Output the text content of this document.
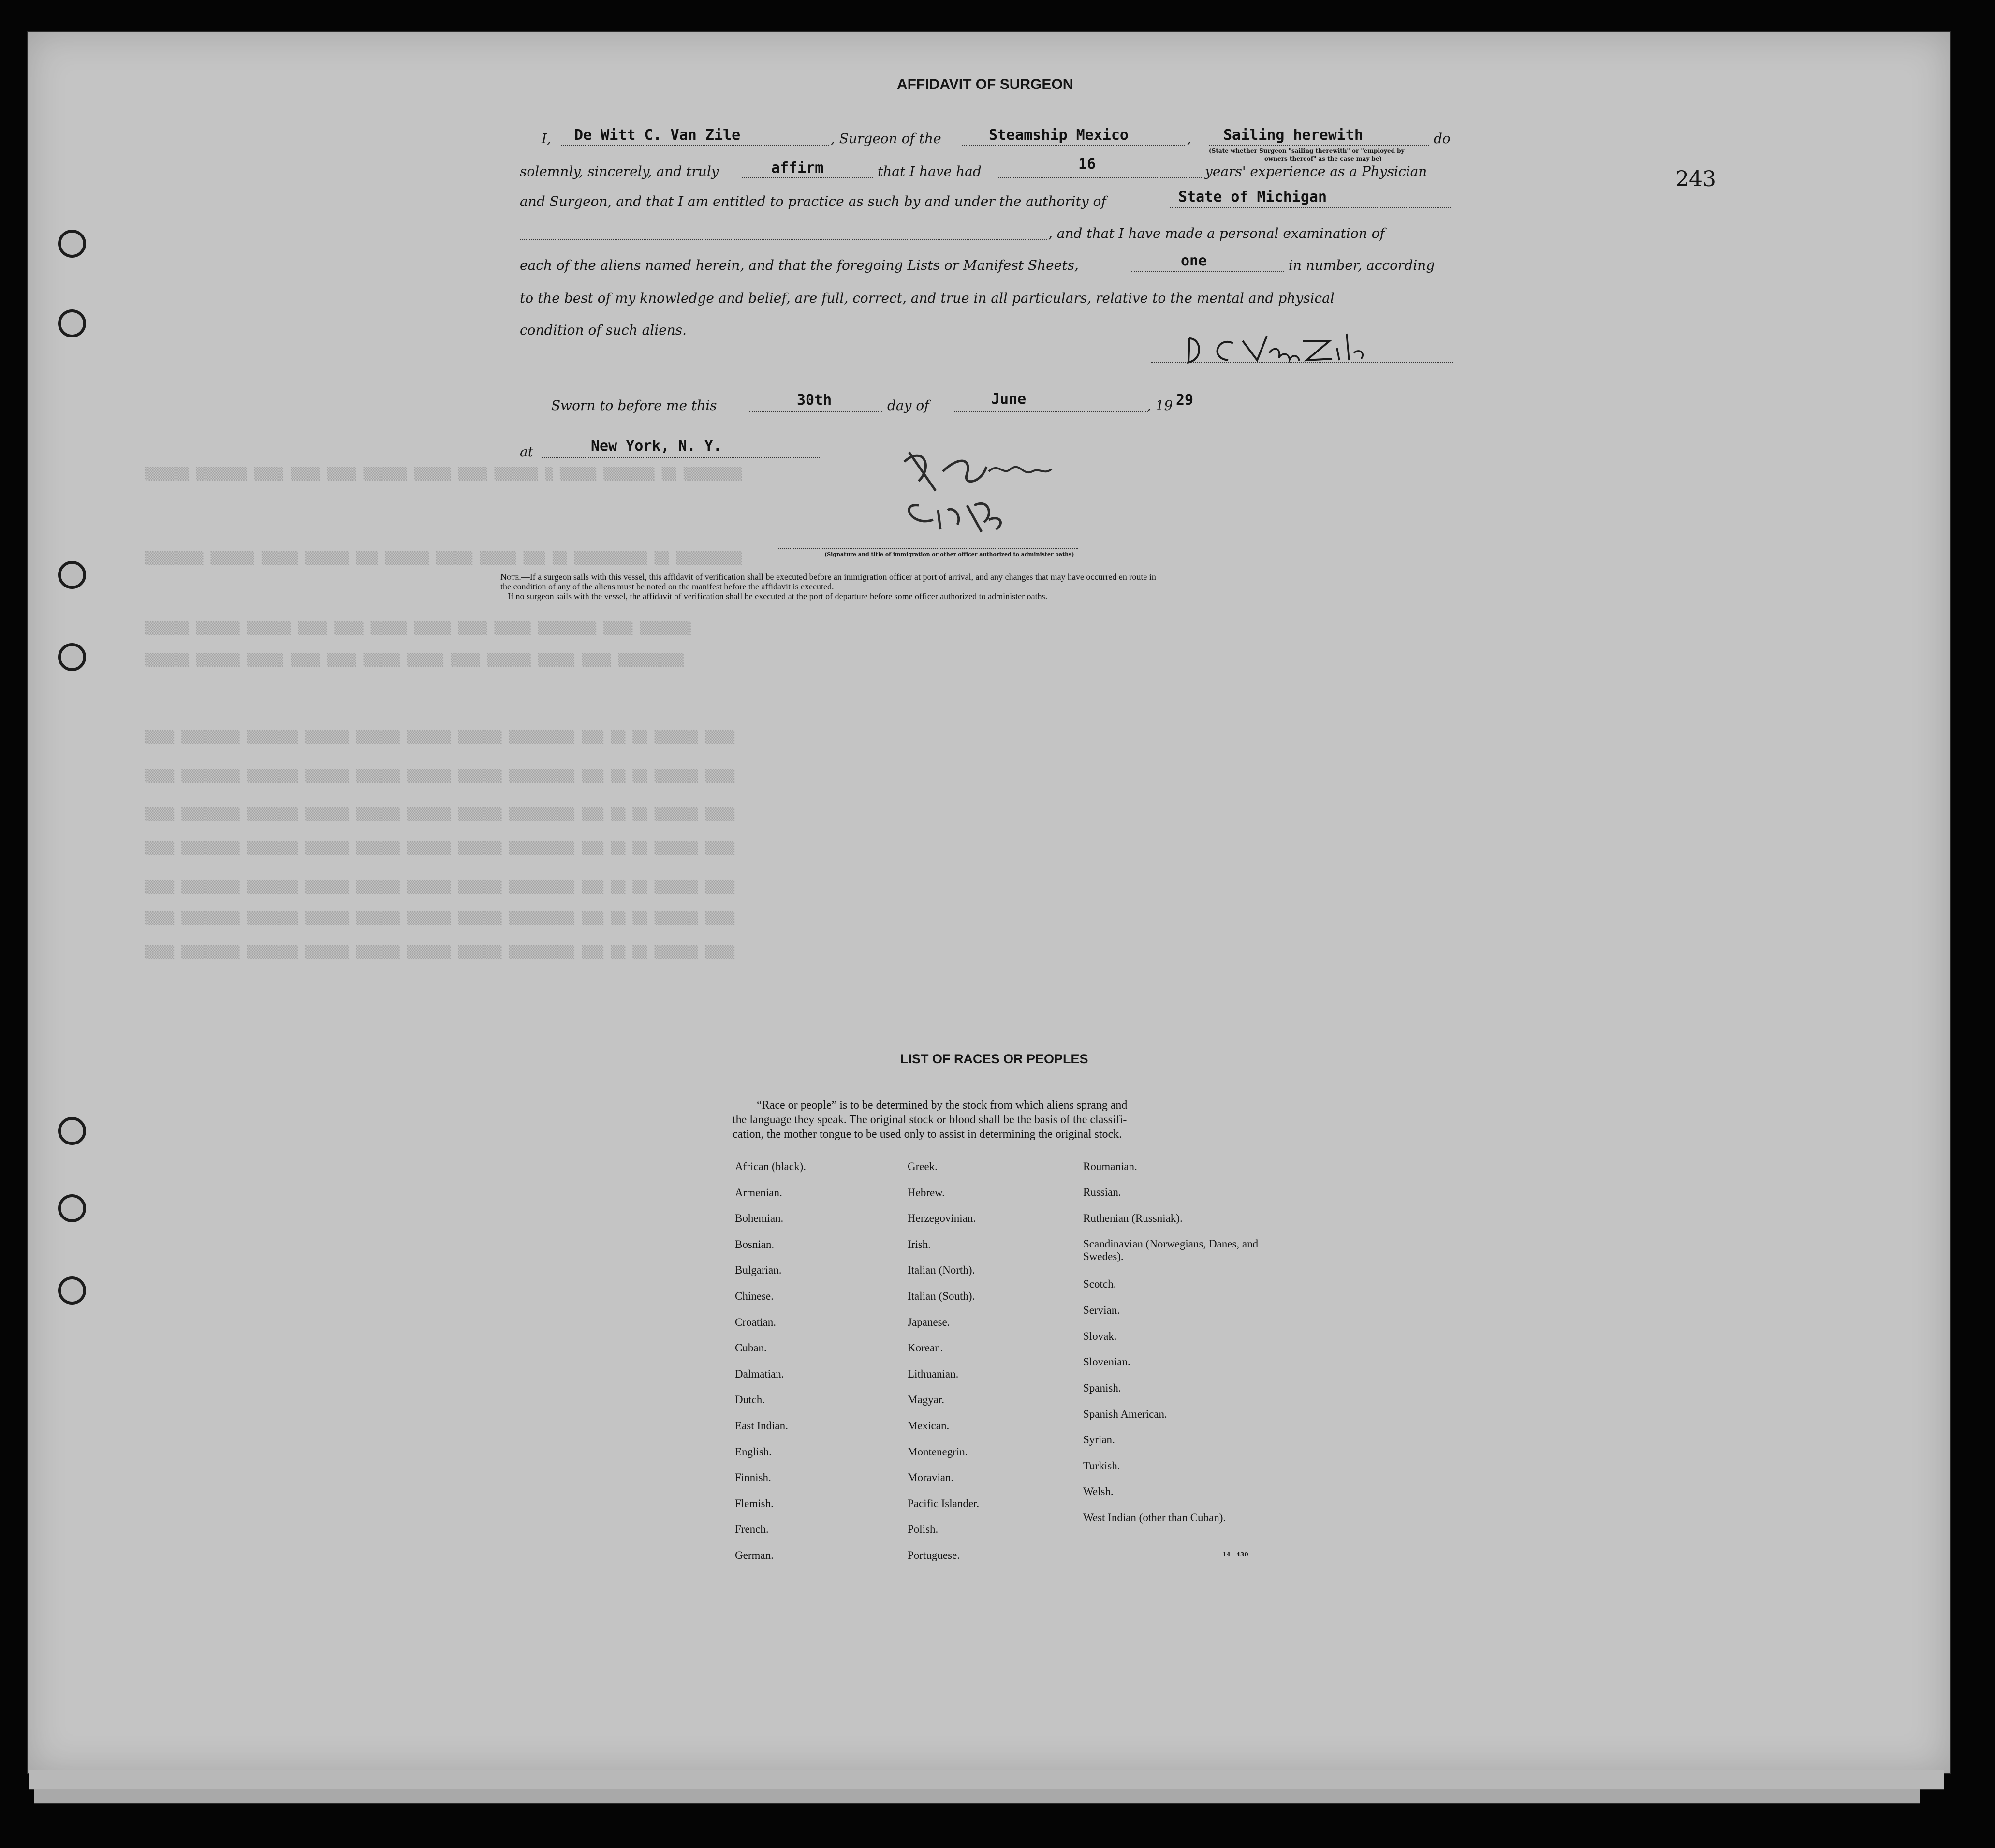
▒▒▒▒▒▒ ▒▒▒▒▒▒▒ ▒▒▒▒ ▒▒▒▒ ▒▒▒▒ ▒▒▒▒▒▒ ▒▒▒▒▒ ▒▒▒▒ ▒▒▒▒▒▒ ▒ ▒▒▒▒▒ ▒▒▒▒▒▒▒ ▒▒ ▒▒▒▒▒▒▒▒
▒▒▒▒▒▒▒▒ ▒▒▒▒▒▒ ▒▒▒▒▒ ▒▒▒▒▒▒ ▒▒▒ ▒▒▒▒▒▒ ▒▒▒▒▒ ▒▒▒▒▒ ▒▒▒ ▒▒ ▒▒▒▒▒▒▒▒▒▒ ▒▒ ▒▒▒▒▒▒▒▒▒
▒▒▒▒▒▒ ▒▒▒▒▒▒ ▒▒▒▒▒▒ ▒▒▒▒ ▒▒▒▒ ▒▒▒▒▒ ▒▒▒▒▒ ▒▒▒▒ ▒▒▒▒▒ ▒▒▒▒▒▒▒▒ ▒▒▒▒ ▒▒▒▒▒▒▒
▒▒▒▒▒▒ ▒▒▒▒▒▒ ▒▒▒▒▒ ▒▒▒▒ ▒▒▒▒ ▒▒▒▒▒ ▒▒▒▒▒ ▒▒▒▒ ▒▒▒▒▒▒ ▒▒▒▒▒ ▒▒▒▒ ▒▒▒▒▒▒▒▒▒
▒▒▒▒ ▒▒▒▒▒▒▒▒ ▒▒▒▒▒▒▒ ▒▒▒▒▒▒ ▒▒▒▒▒▒ ▒▒▒▒▒▒ ▒▒▒▒▒▒ ▒▒▒▒▒▒▒▒▒ ▒▒▒ ▒▒ ▒▒ ▒▒▒▒▒▒ ▒▒▒▒
▒▒▒▒ ▒▒▒▒▒▒▒▒ ▒▒▒▒▒▒▒ ▒▒▒▒▒▒ ▒▒▒▒▒▒ ▒▒▒▒▒▒ ▒▒▒▒▒▒ ▒▒▒▒▒▒▒▒▒ ▒▒▒ ▒▒ ▒▒ ▒▒▒▒▒▒ ▒▒▒▒
▒▒▒▒ ▒▒▒▒▒▒▒▒ ▒▒▒▒▒▒▒ ▒▒▒▒▒▒ ▒▒▒▒▒▒ ▒▒▒▒▒▒ ▒▒▒▒▒▒ ▒▒▒▒▒▒▒▒▒ ▒▒▒ ▒▒ ▒▒ ▒▒▒▒▒▒ ▒▒▒▒
▒▒▒▒ ▒▒▒▒▒▒▒▒ ▒▒▒▒▒▒▒ ▒▒▒▒▒▒ ▒▒▒▒▒▒ ▒▒▒▒▒▒ ▒▒▒▒▒▒ ▒▒▒▒▒▒▒▒▒ ▒▒▒ ▒▒ ▒▒ ▒▒▒▒▒▒ ▒▒▒▒
▒▒▒▒ ▒▒▒▒▒▒▒▒ ▒▒▒▒▒▒▒ ▒▒▒▒▒▒ ▒▒▒▒▒▒ ▒▒▒▒▒▒ ▒▒▒▒▒▒ ▒▒▒▒▒▒▒▒▒ ▒▒▒ ▒▒ ▒▒ ▒▒▒▒▒▒ ▒▒▒▒
▒▒▒▒ ▒▒▒▒▒▒▒▒ ▒▒▒▒▒▒▒ ▒▒▒▒▒▒ ▒▒▒▒▒▒ ▒▒▒▒▒▒ ▒▒▒▒▒▒ ▒▒▒▒▒▒▒▒▒ ▒▒▒ ▒▒ ▒▒ ▒▒▒▒▒▒ ▒▒▒▒
▒▒▒▒ ▒▒▒▒▒▒▒▒ ▒▒▒▒▒▒▒ ▒▒▒▒▒▒ ▒▒▒▒▒▒ ▒▒▒▒▒▒ ▒▒▒▒▒▒ ▒▒▒▒▒▒▒▒▒ ▒▒▒ ▒▒ ▒▒ ▒▒▒▒▒▒ ▒▒▒▒
243
AFFIDAVIT OF SURGEON
I, De Witt C. Van Zile	, Surgeon of the	Steamship Mexico	, Sailing herewith	do
(State whether Surgeon "sailing therewith" or "employed by
owners thereof" as the case may be)
solemnly, sincerely, and truly	affirm	that I have had	16	years' experience as a Physician
and Surgeon, and that I am entitled to practice as such by and under the authority of	State of Michigan
, and that I have made a personal examination of
each of the aliens named herein, and that the foregoing Lists or Manifest Sheets,	one	in number, according
to the best of my knowledge and belief, are full, correct, and true in all particulars, relative to the mental and physical
condition of such aliens.
Sworn to before me this	30th	day of	June	, 19 29
at	New York, N. Y.
(Signature and title of immigration or other officer authorized to administer oaths)
Note.—If a surgeon sails with this vessel, this affidavit of verification shall be executed before an immigration officer at port of arrival, and any changes that may have occurred en route in
the condition of any of the aliens must be noted on the manifest before the affidavit is executed.
If no surgeon sails with the vessel, the affidavit of verification shall be executed at the port of departure before some officer authorized to administer oaths.
LIST OF RACES OR PEOPLES
“Race or people” is to be determined by the stock from which aliens sprang and
the language they speak. The original stock or blood shall be the basis of the classifi-
cation, the mother tongue to be used only to assist in determining the original stock.
African (black).
Armenian.
Bohemian.
Bosnian.
Bulgarian.
Chinese.
Croatian.
Cuban.
Dalmatian.
Dutch.
East Indian.
English.
Finnish.
Flemish.
French.
German.
Greek.
Hebrew.
Herzegovinian.
Irish.
Italian (North).
Italian (South).
Japanese.
Korean.
Lithuanian.
Magyar.
Mexican.
Montenegrin.
Moravian.
Pacific Islander.
Polish.
Portuguese.
Roumanian.
Russian.
Ruthenian (Russniak).
Scandinavian (Norwegians, Danes, and Swedes).
Scotch.
Servian.
Slovak.
Slovenian.
Spanish.
Spanish American.
Syrian.
Turkish.
Welsh.
West Indian (other than Cuban).
14—430
